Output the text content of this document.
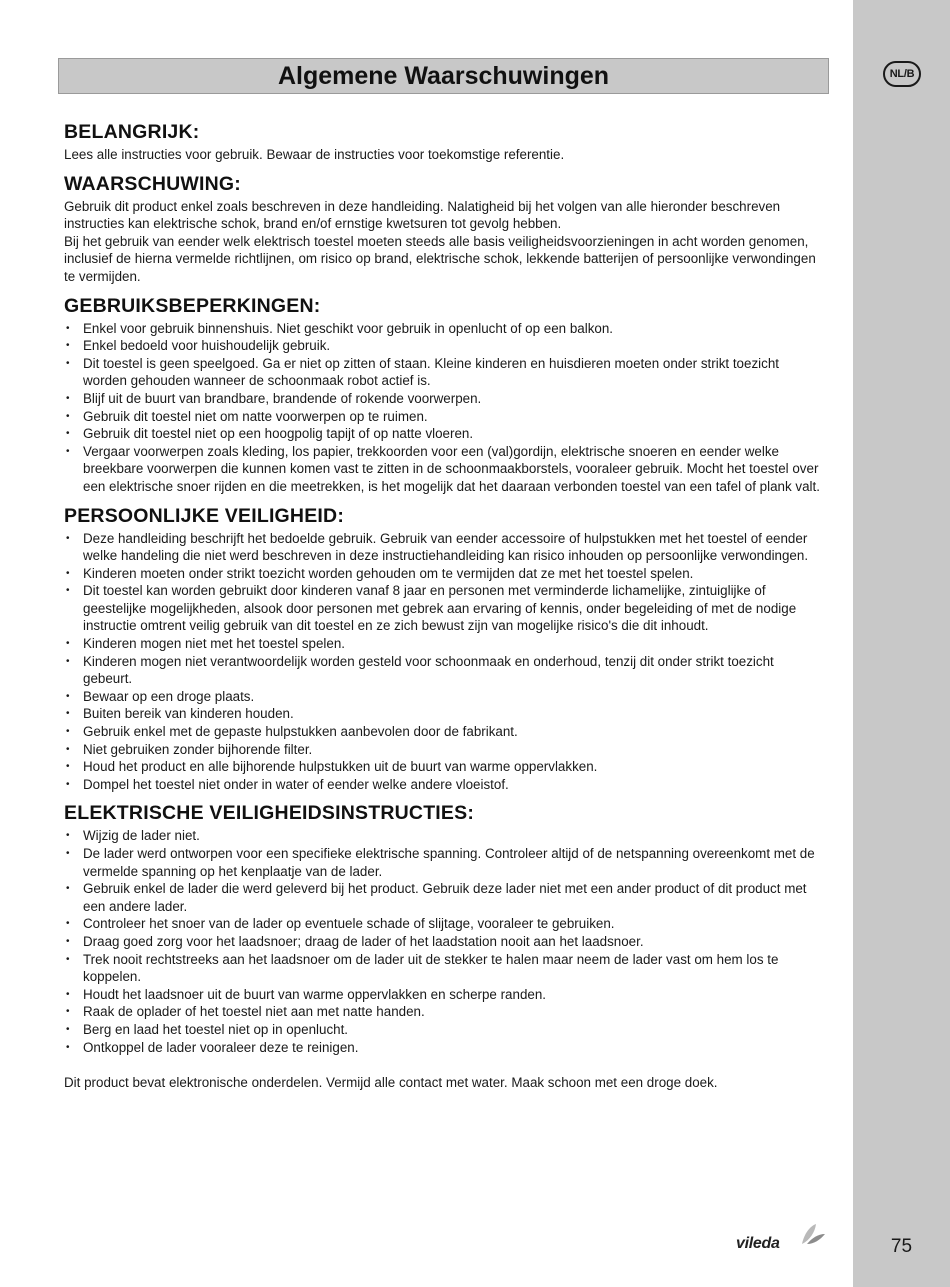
NL/B
Algemene Waarschuwingen
BELANGRIJK:

Lees alle instructies voor gebruik. Bewaar de instructies voor toekomstige referentie.

WAARSCHUWING:

Gebruik dit product enkel zoals beschreven in deze handleiding. Nalatigheid bij het volgen van alle hieronder beschreven instructies kan elektrische schok, brand en/of ernstige kwetsuren tot gevolg hebben.

Bij het gebruik van eender welk elektrisch toestel moeten steeds alle basis veiligheidsvoorzieningen in acht worden genomen, inclusief de hierna vermelde richtlijnen, om risico op brand, elektrische schok, lekkende batterijen of persoonlijke verwondingen te vermijden.

GEBRUIKSBEPERKINGEN:
• Enkel voor gebruik binnenshuis. Niet geschikt voor gebruik in openlucht of op een balkon.
• Enkel bedoeld voor huishoudelijk gebruik.
• Dit toestel is geen speelgoed. Ga er niet op zitten of staan. Kleine kinderen en huisdieren moeten onder strikt toezicht worden gehouden wanneer de schoonmaak robot actief is.
• Blijf uit de buurt van brandbare, brandende of rokende voorwerpen.
• Gebruik dit toestel niet om natte voorwerpen op te ruimen.
• Gebruik dit toestel niet op een hoogpolig tapijt of op natte vloeren.
• Vergaar voorwerpen zoals kleding, los papier, trekkoorden voor een (val)gordijn, elektrische snoeren en eender welke breekbare voorwerpen die kunnen komen vast te zitten in de schoonmaakborstels, vooraleer gebruik. Mocht het toestel over een elektrische snoer rijden en die meetrekken, is het mogelijk dat het daaraan verbonden toestel van een tafel of plank valt.
PERSOONLIJKE VEILIGHEID:
• Deze handleiding beschrijft het bedoelde gebruik. Gebruik van eender accessoire of hulpstukken met het toestel of eender welke handeling die niet werd beschreven in deze instructiehandleiding kan risico inhouden op persoonlijke verwondingen.
• Kinderen moeten onder strikt toezicht worden gehouden om te vermijden dat ze met het toestel spelen.
• Dit toestel kan worden gebruikt door kinderen vanaf 8 jaar en personen met verminderde lichamelijke, zintuiglijke of geestelijke mogelijkheden, alsook door personen met gebrek aan ervaring of kennis, onder begeleiding of met de nodige instructie omtrent veilig gebruik van dit toestel en ze zich bewust zijn van mogelijke risico's die dit inhoudt.
• Kinderen mogen niet met het toestel spelen.
• Kinderen mogen niet verantwoordelijk worden gesteld voor schoonmaak en onderhoud, tenzij dit onder strikt toezicht gebeurt.
• Bewaar op een droge plaats.
• Buiten bereik van kinderen houden.
• Gebruik enkel met de gepaste hulpstukken aanbevolen door de fabrikant.
• Niet gebruiken zonder bijhorende filter.
• Houd het product en alle bijhorende hulpstukken uit de buurt van warme oppervlakken.
• Dompel het toestel niet onder in water of eender welke andere vloeistof.
ELEKTRISCHE VEILIGHEIDSINSTRUCTIES:
• Wijzig de lader niet.
• De lader werd ontworpen voor een specifieke elektrische spanning. Controleer altijd of de netspanning overeenkomt met de vermelde spanning op het kenplaatje van de lader.
• Gebruik enkel de lader die werd geleverd bij het product. Gebruik deze lader niet met een ander product of dit product met een andere lader.
• Controleer het snoer van de lader op eventuele schade of slijtage, vooraleer te gebruiken.
• Draag goed zorg voor het laadsnoer; draag de lader of het laadstation nooit aan het laadsnoer.
• Trek nooit rechtstreeks aan het laadsnoer om de lader uit de stekker te halen maar neem de lader vast om hem los te koppelen.
• Houdt het laadsnoer uit de buurt van warme oppervlakken en scherpe randen.
• Raak de oplader of het toestel niet aan met natte handen.
• Berg en laad het toestel niet op in openlucht.
• Ontkoppel de lader vooraleer deze te reinigen.

Dit product bevat elektronische onderdelen. Vermijd alle contact met water. Maak schoon met een droge doek.

vileda	75
